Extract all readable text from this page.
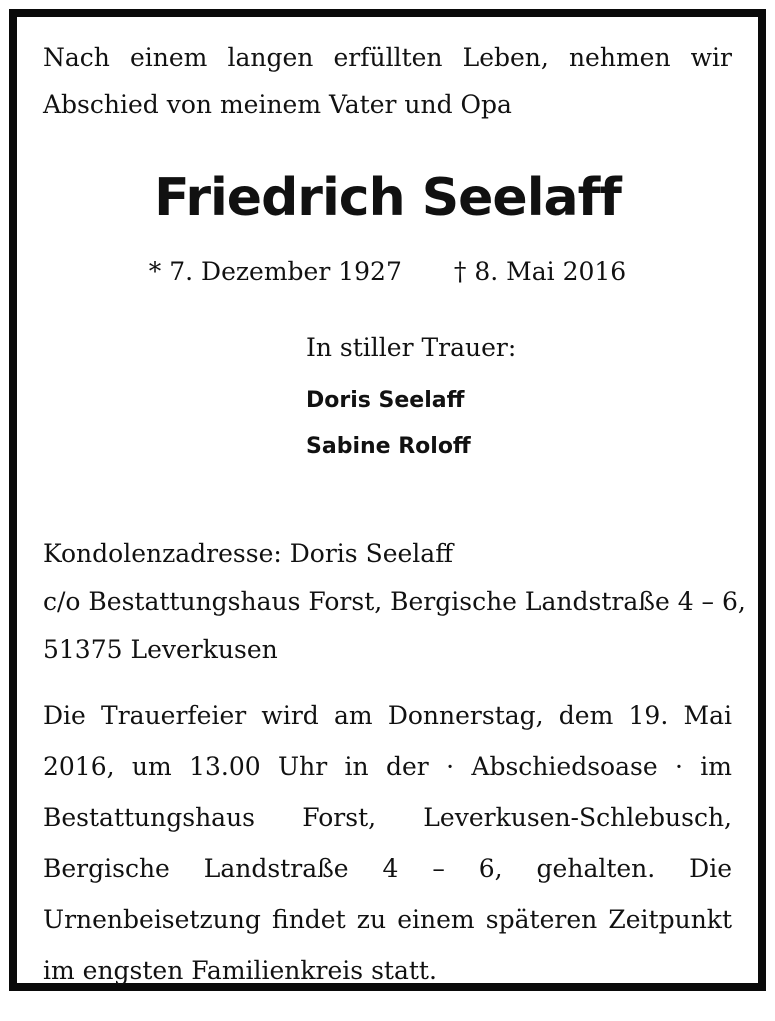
Nach einem langen erfüllten Leben, nehmen wir Abschied von meinem Vater und Opa

Friedrich Seelaff
* 7. Dezember 1927 † 8. Mai 2016
In stiller Trauer:
Doris Seelaff
Sabine Roloff
Kondolenzadresse: Doris Seelaff
c/o Bestattungshaus Forst, Bergische Landstraße 4 – 6,
51375 Leverkusen

Die Trauerfeier wird am Donnerstag, dem 19. Mai 2016, um 13.00 Uhr in der · Abschiedsoase · im Bestattungshaus Forst, Leverkusen-Schlebusch, Bergische Landstraße 4 – 6, gehalten. Die Urnenbeisetzung findet zu einem späteren Zeitpunkt im engsten Familienkreis statt.
